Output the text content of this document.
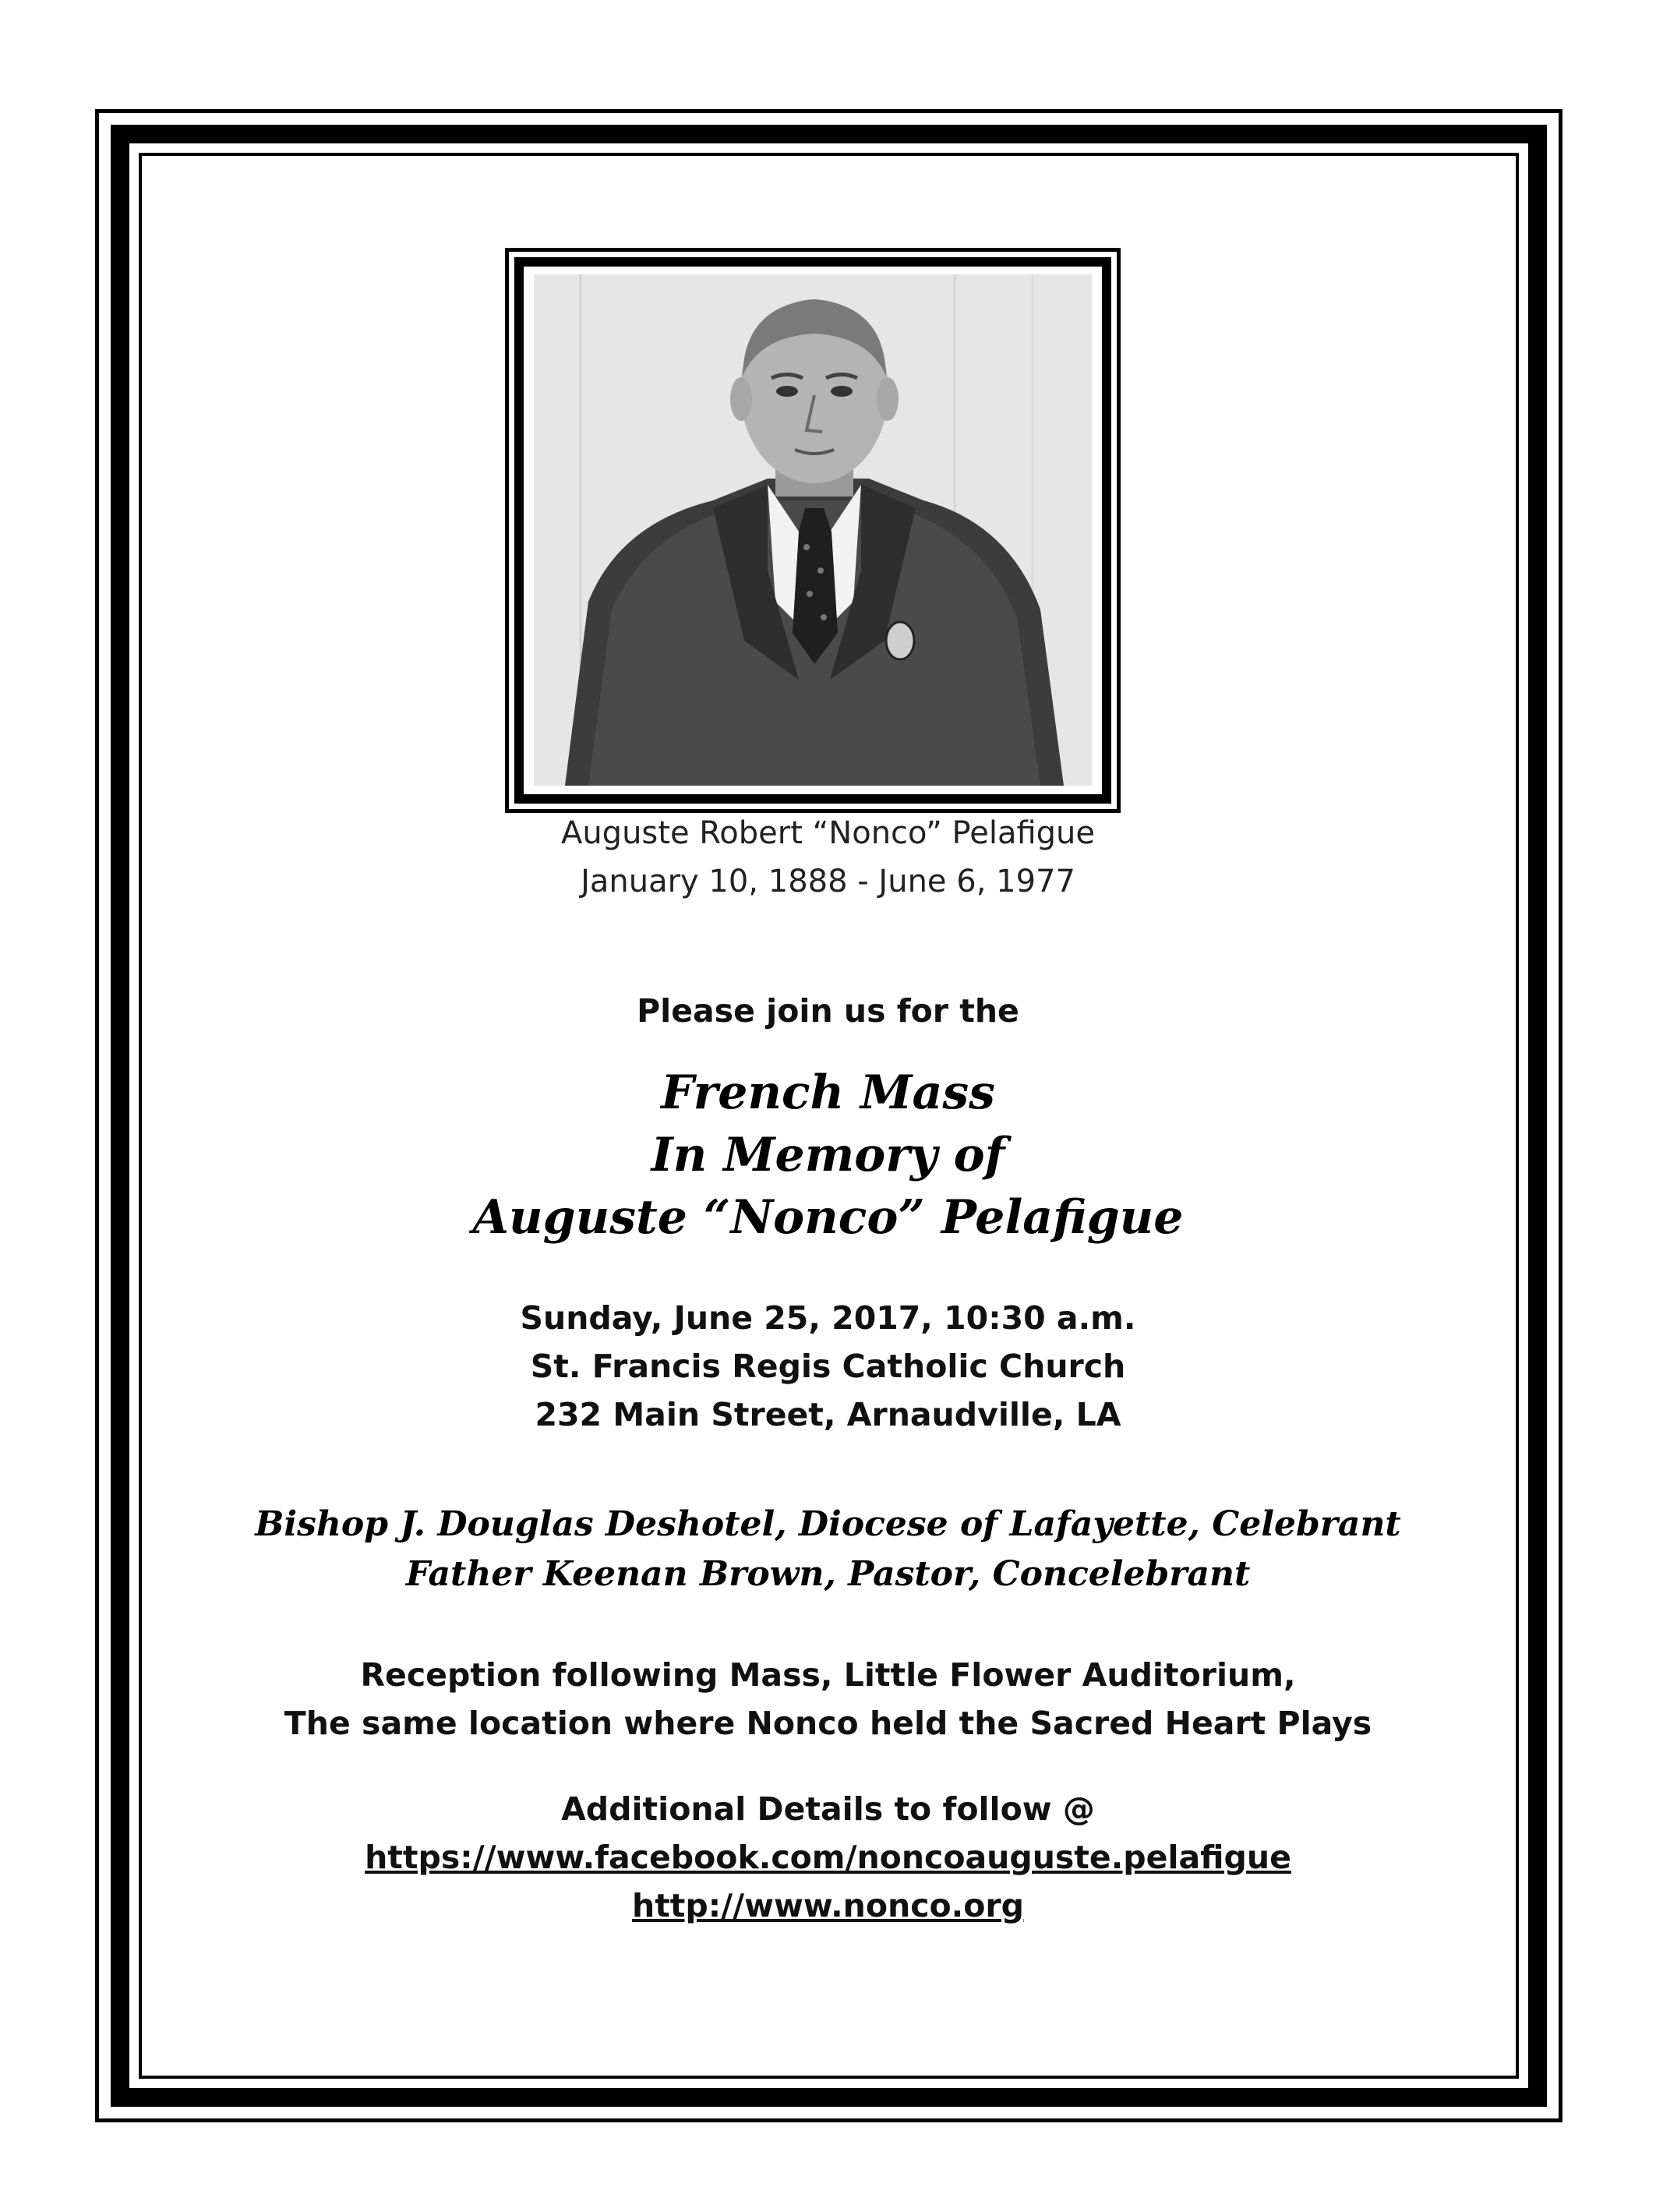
Auguste Robert “Nonco” Pelafigue
January 10, 1888 - June 6, 1977
Please join us for the
French Mass
In Memory of
Auguste “Nonco” Pelafigue
Sunday, June 25, 2017, 10:30 a.m.
St. Francis Regis Catholic Church
232 Main Street, Arnaudville, LA
Bishop J. Douglas Deshotel, Diocese of Lafayette, Celebrant
Father Keenan Brown, Pastor, Concelebrant
Reception following Mass, Little Flower Auditorium,
The same location where Nonco held the Sacred Heart Plays
Additional Details to follow @
https://www.facebook.com/noncoauguste.pelafigue
http://www.nonco.org
